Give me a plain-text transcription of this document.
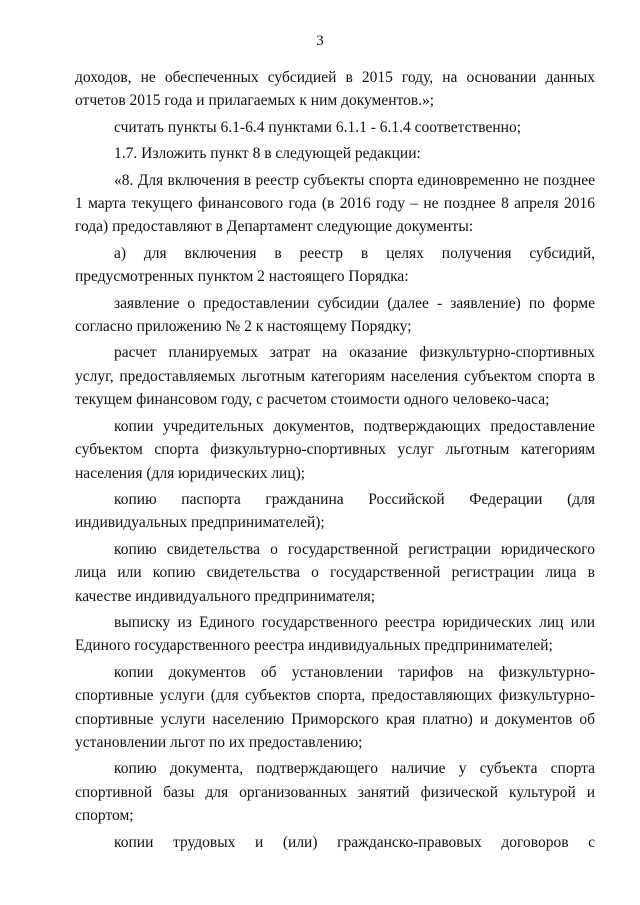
3

доходов, не обеспеченных субсидией в 2015 году, на основании данных отчетов 2015 года и прилагаемых к ним документов.»;

считать пункты 6.1-6.4 пунктами 6.1.1 - 6.1.4 соответственно;

1.7. Изложить пункт 8 в следующей редакции:

«8. Для включения в реестр субъекты спорта единовременно не позднее 1 марта текущего финансового года (в 2016 году – не позднее 8 апреля 2016 года) предоставляют в Департамент следующие документы:

а) для включения в реестр в целях получения субсидий, предусмотренных пунктом 2 настоящего Порядка:

заявление о предоставлении субсидии (далее - заявление) по форме согласно приложению № 2 к настоящему Порядку;

расчет планируемых затрат на оказание физкультурно-спортивных услуг, предоставляемых льготным категориям населения субъектом спорта в текущем финансовом году, с расчетом стоимости одного человеко-часа;

копии учредительных документов, подтверждающих предоставление субъектом спорта физкультурно-спортивных услуг льготным категориям населения (для юридических лиц);

копию паспорта гражданина Российской Федерации (для индивидуальных предпринимателей);

копию свидетельства о государственной регистрации юридического лица или копию свидетельства о государственной регистрации лица в качестве индивидуального предпринимателя;

выписку из Единого государственного реестра юридических лиц или Единого государственного реестра индивидуальных предпринимателей;

копии документов об установлении тарифов на физкультурно-спортивные услуги (для субъектов спорта, предоставляющих физкультурно-спортивные услуги населению Приморского края платно) и документов об установлении льгот по их предоставлению;

копию документа, подтверждающего наличие у субъекта спорта спортивной базы для организованных занятий физической культурой и спортом;

копии трудовых и (или) гражданско-правовых договоров с
